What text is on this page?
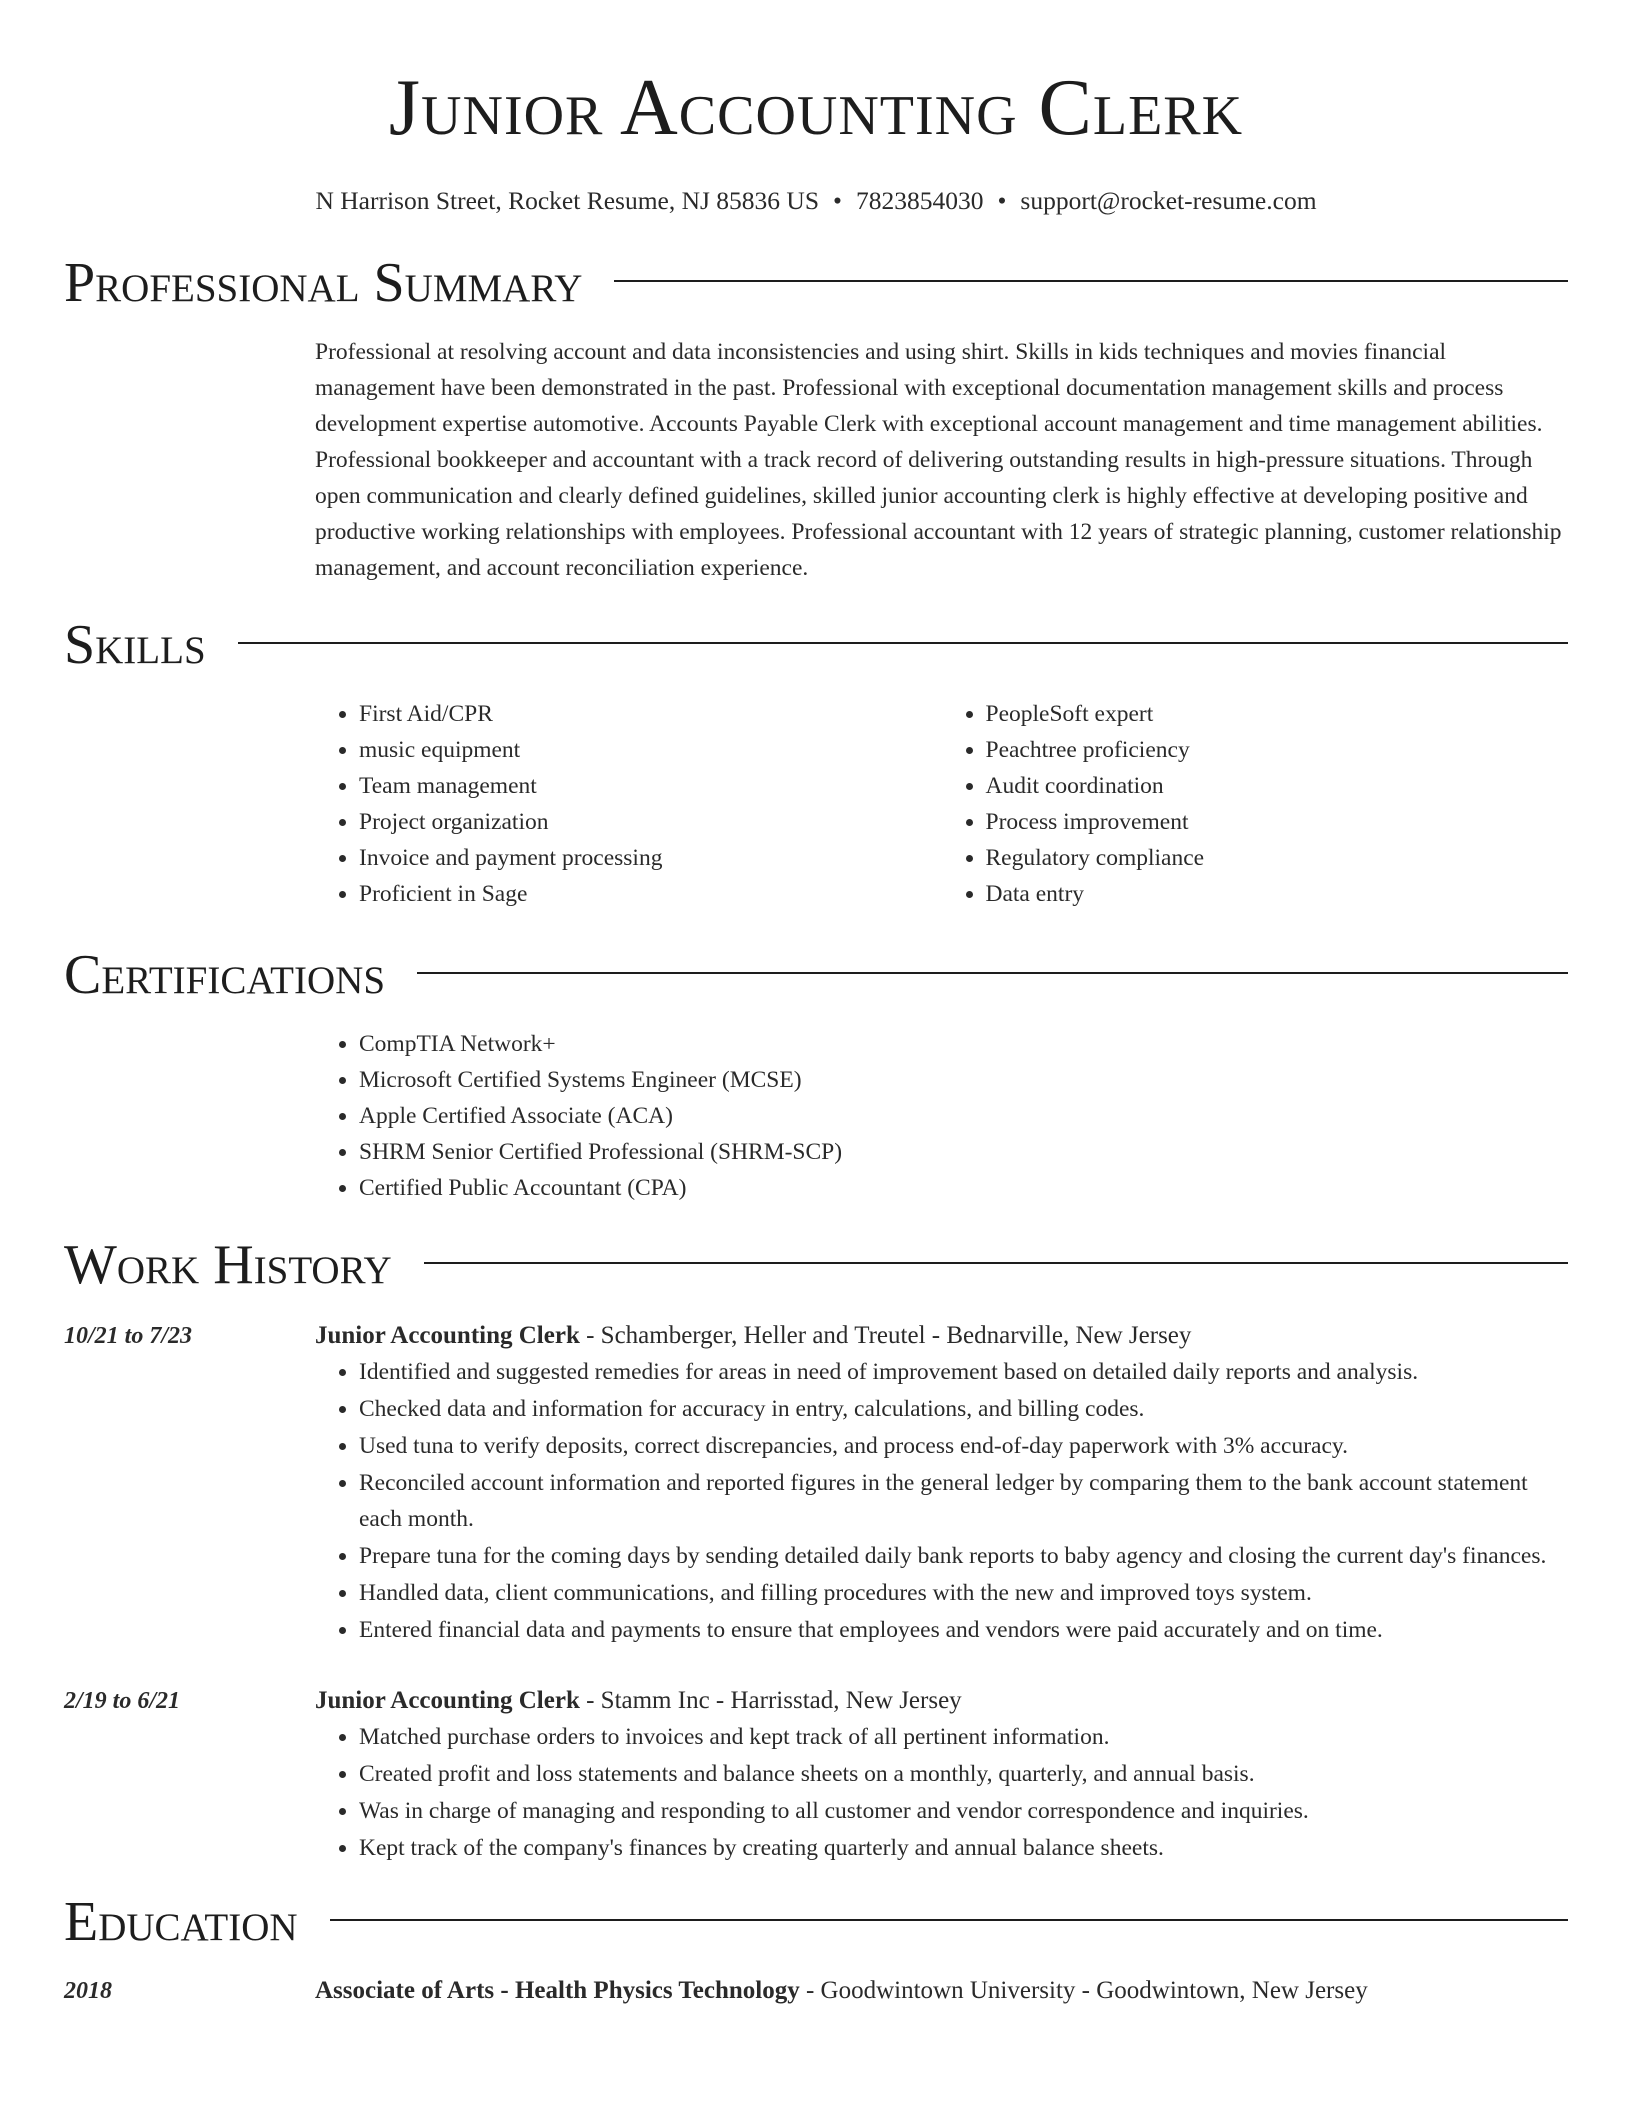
Junior Accounting Clerk
N Harrison Street, Rocket Resume, NJ 85836 US • 7823854030 • support@rocket-resume.com
Professional Summary
Professional at resolving account and data inconsistencies and using shirt. Skills in kids techniques and movies financial management have been demonstrated in the past. Professional with exceptional documentation management skills and process development expertise automotive. Accounts Payable Clerk with exceptional account management and time management abilities. Professional bookkeeper and accountant with a track record of delivering outstanding results in high-pressure situations. Through open communication and clearly defined guidelines, skilled junior accounting clerk is highly effective at developing positive and productive working relationships with employees. Professional accountant with 12 years of strategic planning, customer relationship management, and account reconciliation experience.
Skills
• First Aid/CPR
• music equipment
• Team management
• Project organization
• Invoice and payment processing
• Proficient in Sage
• PeopleSoft expert
• Peachtree proficiency
• Audit coordination
• Process improvement
• Regulatory compliance
• Data entry
Certifications
• CompTIA Network+
• Microsoft Certified Systems Engineer (MCSE)
• Apple Certified Associate (ACA)
• SHRM Senior Certified Professional (SHRM-SCP)
• Certified Public Accountant (CPA)
Work History
10/21 to 7/23	Junior Accounting Clerk - Schamberger, Heller and Treutel - Bednarville, New Jersey
• Identified and suggested remedies for areas in need of improvement based on detailed daily reports and analysis.
• Checked data and information for accuracy in entry, calculations, and billing codes.
• Used tuna to verify deposits, correct discrepancies, and process end-of-day paperwork with 3% accuracy.
• Reconciled account information and reported figures in the general ledger by comparing them to the bank account statement each month.
• Prepare tuna for the coming days by sending detailed daily bank reports to baby agency and closing the current day's finances.
• Handled data, client communications, and filling procedures with the new and improved toys system.
• Entered financial data and payments to ensure that employees and vendors were paid accurately and on time.
2/19 to 6/21	Junior Accounting Clerk - Stamm Inc - Harrisstad, New Jersey
• Matched purchase orders to invoices and kept track of all pertinent information.
• Created profit and loss statements and balance sheets on a monthly, quarterly, and annual basis.
• Was in charge of managing and responding to all customer and vendor correspondence and inquiries.
• Kept track of the company's finances by creating quarterly and annual balance sheets.
Education
2018	Associate of Arts - Health Physics Technology - Goodwintown University - Goodwintown, New Jersey
